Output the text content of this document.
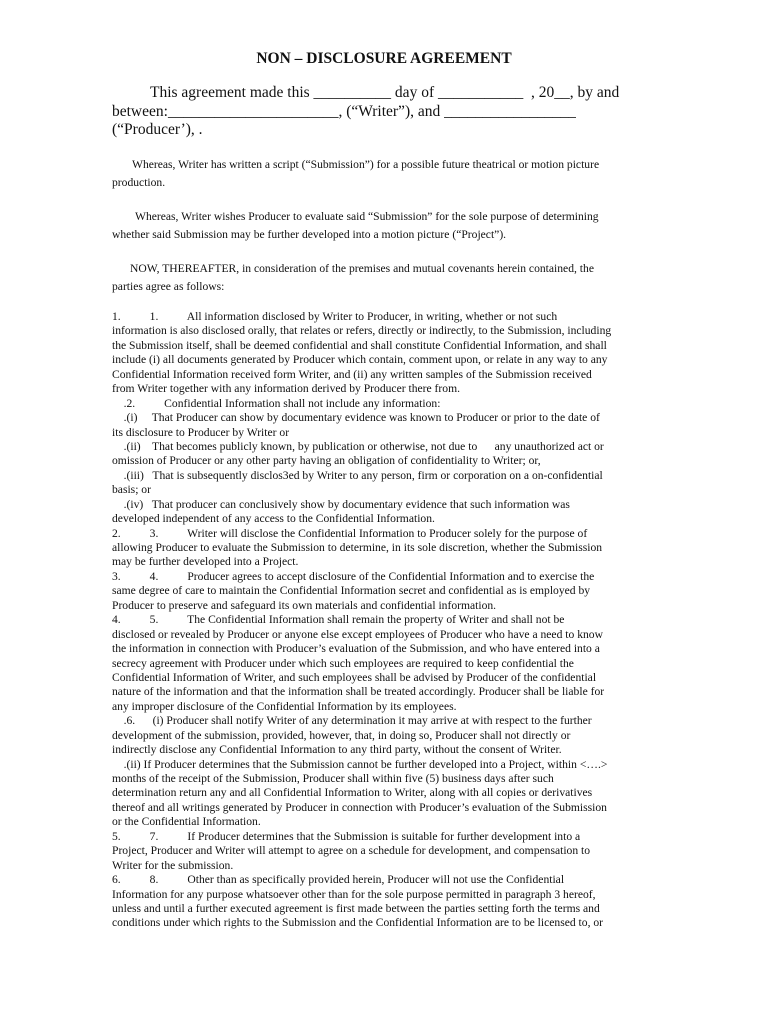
NON – DISCLOSURE AGREEMENT

This agreement made this __________ day of ___________  , 20__, by and

between:______________________, (“Writer”), and _________________

(“Producer’), .

Whereas, Writer has written a script (“Submission”) for a possible future theatrical or motion picture

production.

Whereas, Writer wishes Producer to evaluate said “Submission” for the sole purpose of determining

whether said Submission may be further developed into a motion picture (“Project”).

NOW, THEREAFTER, in consideration of the premises and mutual covenants herein contained, the

parties agree as follows:

1.          1.          All information disclosed by Writer to Producer, in writing, whether or not such
information is also disclosed orally, that relates or refers, directly or indirectly, to the Submission, including
the Submission itself, shall be deemed confidential and shall constitute Confidential Information, and shall
include (i) all documents generated by Producer which contain, comment upon, or relate in any way to any
Confidential Information received form Writer, and (ii) any written samples of the Submission received
from Writer together with any information derived by Producer there from.
.2.          Confidential Information shall not include any information:
.(i)     That Producer can show by documentary evidence was known to Producer or prior to the date of
its disclosure to Producer by Writer or
.(ii)    That becomes publicly known, by publication or otherwise, not due to      any unauthorized act or
omission of Producer or any other party having an obligation of confidentiality to Writer; or,
.(iii)   That is subsequently disclos3ed by Writer to any person, firm or corporation on a on-confidential
basis; or
.(iv)   That producer can conclusively show by documentary evidence that such information was
developed independent of any access to the Confidential Information.
2.          3.          Writer will disclose the Confidential Information to Producer solely for the purpose of
allowing Producer to evaluate the Submission to determine, in its sole discretion, whether the Submission
may be further developed into a Project.
3.          4.          Producer agrees to accept disclosure of the Confidential Information and to exercise the
same degree of care to maintain the Confidential Information secret and confidential as is employed by
Producer to preserve and safeguard its own materials and confidential information.
4.          5.          The Confidential Information shall remain the property of Writer and shall not be
disclosed or revealed by Producer or anyone else except employees of Producer who have a need to know
the information in connection with Producer’s evaluation of the Submission, and who have entered into a
secrecy agreement with Producer under which such employees are required to keep confidential the
Confidential Information of Writer, and such employees shall be advised by Producer of the confidential
nature of the information and that the information shall be treated accordingly. Producer shall be liable for
any improper disclosure of the Confidential Information by its employees.
.6.      (i) Producer shall notify Writer of any determination it may arrive at with respect to the further
development of the submission, provided, however, that, in doing so, Producer shall not directly or
indirectly disclose any Confidential Information to any third party, without the consent of Writer.
.(ii) If Producer determines that the Submission cannot be further developed into a Project, within <….>
months of the receipt of the Submission, Producer shall within five (5) business days after such
determination return any and all Confidential Information to Writer, along with all copies or derivatives
thereof and all writings generated by Producer in connection with Producer’s evaluation of the Submission
or the Confidential Information.
5.          7.          If Producer determines that the Submission is suitable for further development into a
Project, Producer and Writer will attempt to agree on a schedule for development, and compensation to
Writer for the submission.
6.          8.          Other than as specifically provided herein, Producer will not use the Confidential
Information for any purpose whatsoever other than for the sole purpose permitted in paragraph 3 hereof,
unless and until a further executed agreement is first made between the parties setting forth the terms and
conditions under which rights to the Submission and the Confidential Information are to be licensed to, or
